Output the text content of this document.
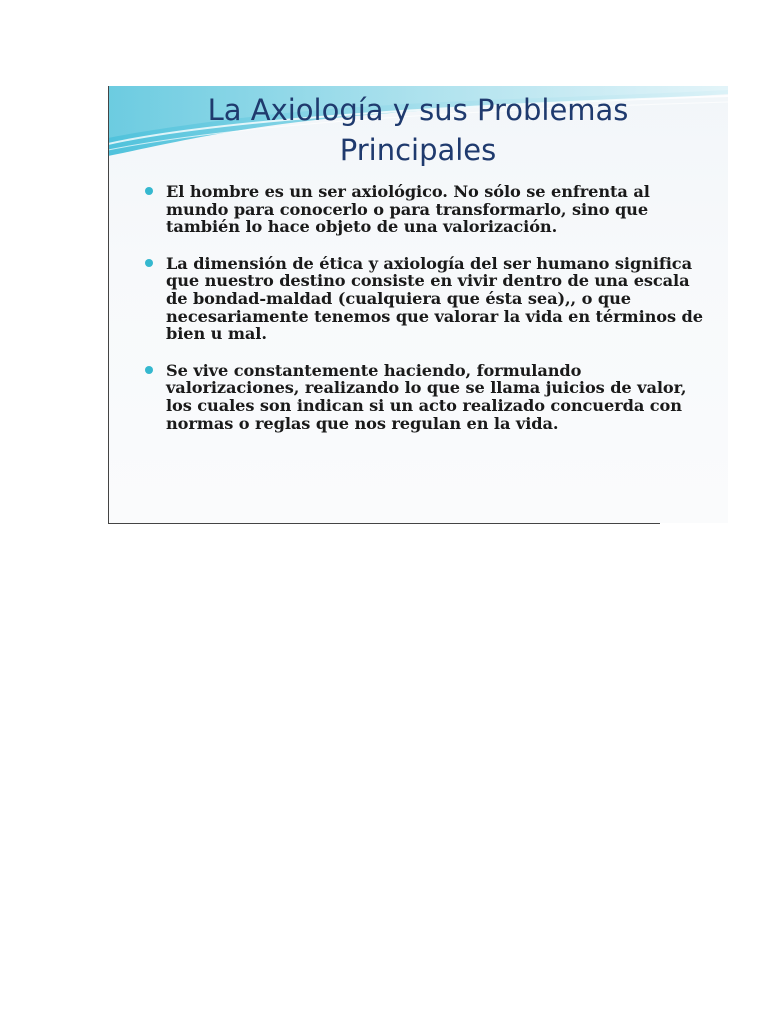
La Axiología y sus Problemas
Principales
El hombre es un ser axiológico. No sólo se enfrenta al mundo para conocerlo o para transformarlo, sino que también lo hace objeto de una valorización.
La dimensión de ética y axiología del ser humano significa que nuestro destino consiste en vivir dentro de una escala de bondad-maldad (cualquiera que ésta sea),, o que necesariamente tenemos que valorar la vida en términos de bien u mal.
Se vive constantemente haciendo, formulando valorizaciones, realizando lo que se llama juicios de valor, los cuales son indican si un acto realizado concuerda con normas o reglas que nos regulan en la vida.
